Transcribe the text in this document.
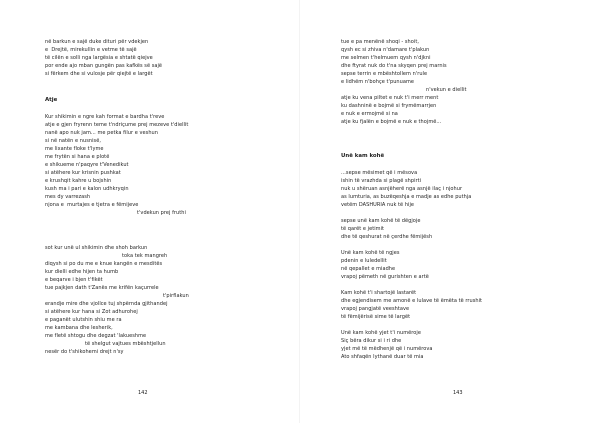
në barkun e sajë duke dituri për vdekjen
e  Drejtë, mirekullin e vetme të sajë
të cilën e solli nga largësia e shtatë qiejve
por ende ajo mban gungën pas kafkës së sajë
si fërkem dhe si vulosje për qiejtë e largët
Atje
Kur shikimin e ngre kah format e bardha t'reve
atje e gjen fryrenn teme t'ndriçume prej mezeve t'diellit
nanë apo nuk jam... me petka filur e veshun
si në natën e nusnisë,
me lixante floke t'lyme
me frytën si hana e plotë
e shikueme n'paqyre t'Venedikut
si atëhere kur krisnin pushkat
e krushqit kahre u bojshin
kush ma i pari e kalon udhkryqin
mes dy varrezash
njona e  murtajes e tjetra e fëmijeve
t'vdekun prej fruthi
sot kur unë ul shikimin dhe shoh barkun
toka tek mangreh
diqysh si po du me e knue kangën e mesditës
kur dielli edhe hijen ta humb
e beqarve i bjen t'fikët
tue pajkjen dath t'Zanës me krifën kaçurrele
t'pirflakun
erandje mire dhe vjollce tuj shpërnda gjithandej
si atëhere kur hana si Zot adhurohej
e paganët ulutshin shiu me ra
me kambana dhe lesherik,
me fletë shtogu dhe degzat 'lakueshme
të shelgut vajtues mbështjellun
nesër do t'shikohemi drejt n'sy
142
tue e pa menënë shoqi - shoit,
qysh ec si zhiva n'damare t'plakun
me selmen t'helmuem qysh n'djkni
dhe ftyrat nuk do t'na skyqen prej marnis
sepse terrin e mbështollem n'rule
e lidhëm n'bohçe t'punuame
n'vekun e diellit
atje ku vena piltet e nuk t'i merr ment
ku dashninë e bojmë si frymëmarrjen
e nuk e ermojmë si na
atje ku fjalën e bojmë e nuk e thojmë...
Unë kam kohë
...sepse mësimet që i mësova
ishin të vrazhda si plagë shpirti
nuk u shëruan asnjëherë nga asnjë ilaç i njohur
as lumturia, as buzëqeshja e madje as edhe puthja
vetëm DASHURIA nuk të hije
sepse unë kam kohë të dëgjoje
të qarët e jetimit
dhe të qeshurat në çerdhe fëmijësh
Unë kam kohë të ngjes
pdenin e luledellit
në qepallet e miadhe
vrapoj pëmeth në gurishten e artë
Kam kohë t'i shartojë lastarët
dhe egjendisem me amonë e lulave të ëmëta të rrushit
vrapoj pangjatë veeshtave
të fëmijërisë sime të largët
Unë kam kohë yjet t'i numëroje
Siç bëra dikur si i ri dhe
yjet më të mëdhenjë që i numërova
Ato shfaqën lythanë duar të mia
143
